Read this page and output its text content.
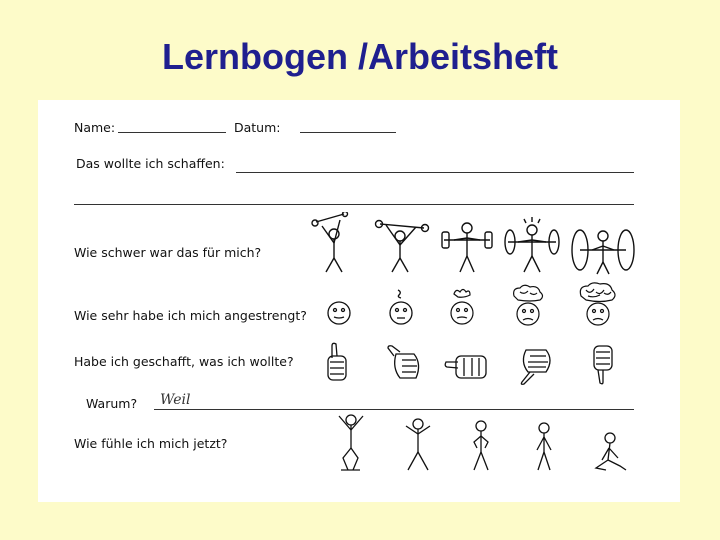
Lernbogen /Arbeitsheft
Name:	Datum:
Das wollte ich schaffen:
Wie schwer war das für mich?
Wie sehr habe ich mich angestrengt?
Habe ich geschafft, was ich wollte?
Warum? Weil
Wie fühle ich mich jetzt?
